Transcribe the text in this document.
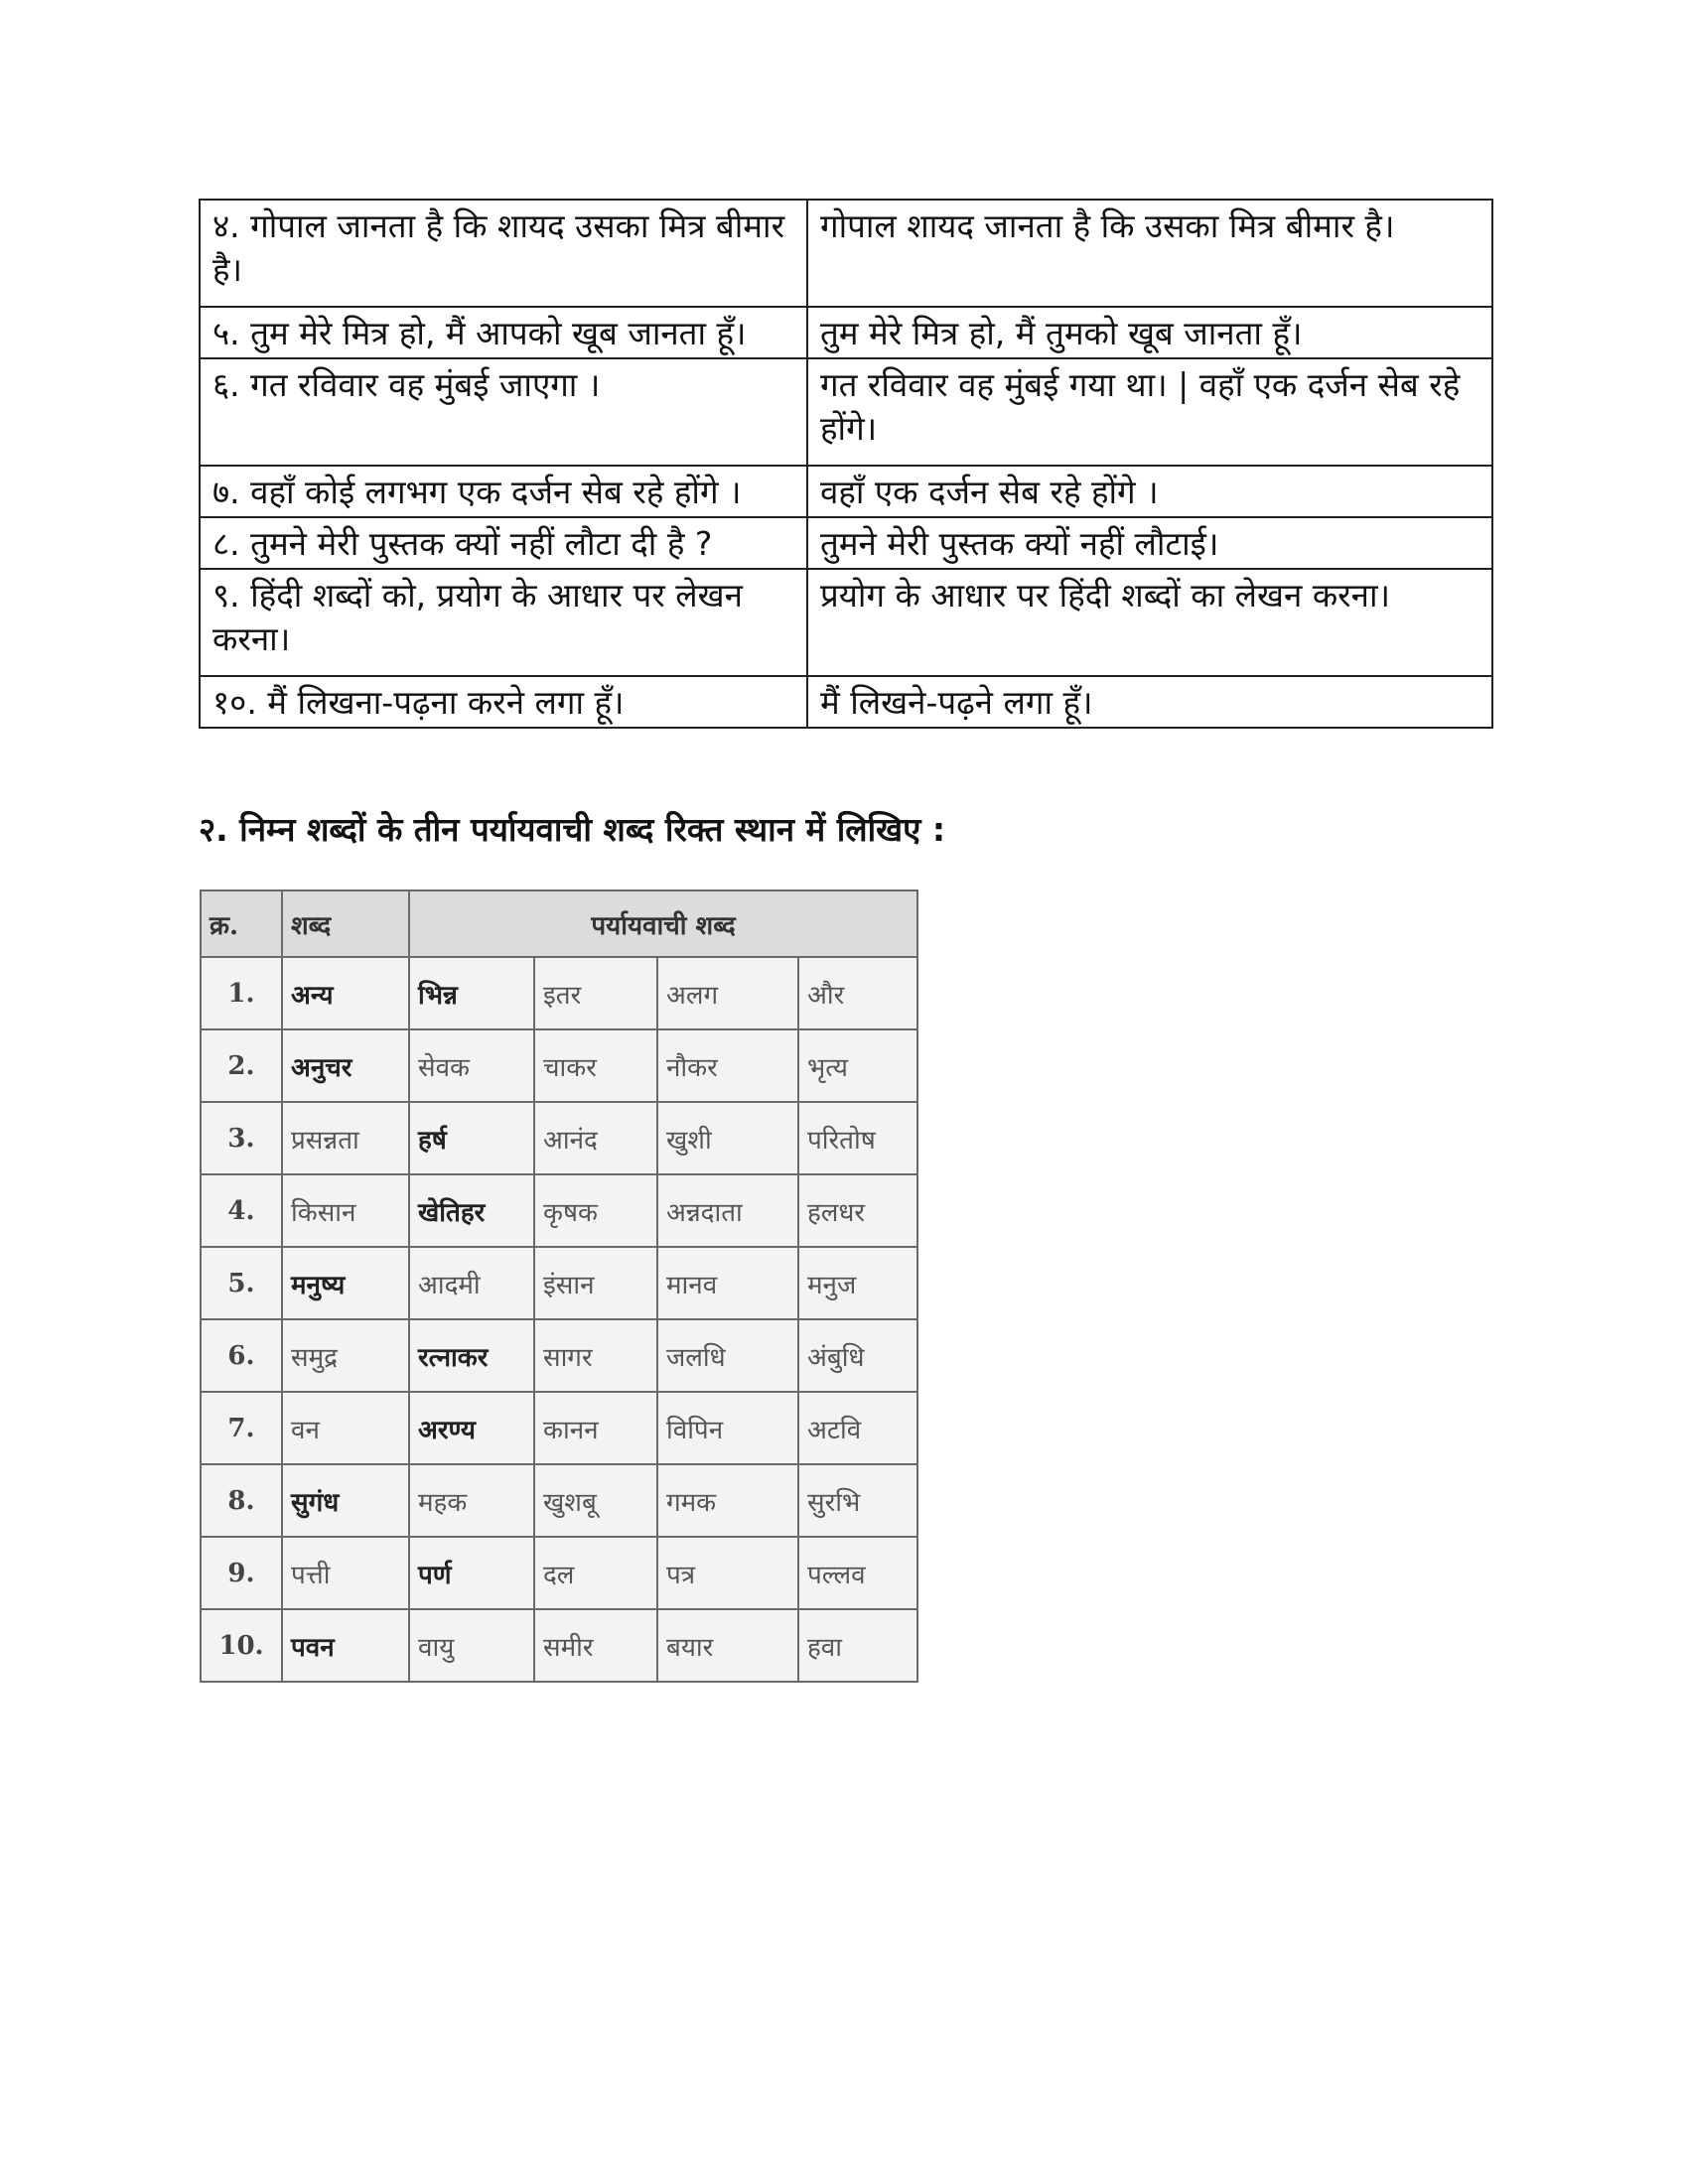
४. गोपाल जानता है कि शायद उसका मित्र बीमार है।	गोपाल शायद जानता है कि उसका मित्र बीमार है।
५. तुम मेरे मित्र हो, मैं आपको खूब जानता हूँ।	तुम मेरे मित्र हो, मैं तुमको खूब जानता हूँ।
६. गत रविवार वह मुंबई जाएगा ।	गत रविवार वह मुंबई गया था। | वहाँ एक दर्जन सेब रहे होंगे।
७. वहाँ कोई लगभग एक दर्जन सेब रहे होंगे ।	वहाँ एक दर्जन सेब रहे होंगे ।
८. तुमने मेरी पुस्तक क्यों नहीं लौटा दी है ?	तुमने मेरी पुस्तक क्यों नहीं लौटाई।
९. हिंदी शब्दों को, प्रयोग के आधार पर लेखन करना।	प्रयोग के आधार पर हिंदी शब्दों का लेखन करना।
१०. मैं लिखना-पढ़ना करने लगा हूँ।	मैं लिखने-पढ़ने लगा हूँ।
२. निम्न शब्दों के तीन पर्यायवाची शब्द रिक्त स्थान में लिखिए :
क्र.	शब्द	पर्यायवाची शब्द			
1.	अन्य	भिन्न	इतर	अलग	और
2.	अनुचर	सेवक	चाकर	नौकर	भृत्य
3.	प्रसन्नता	हर्ष	आनंद	खुशी	परितोष
4.	किसान	खेतिहर	कृषक	अन्नदाता	हलधर
5.	मनुष्य	आदमी	इंसान	मानव	मनुज
6.	समुद्र	रत्नाकर	सागर	जलधि	अंबुधि
7.	वन	अरण्य	कानन	विपिन	अटवि
8.	सुगंध	महक	खुशबू	गमक	सुरभि
9.	पत्ती	पर्ण	दल	पत्र	पल्लव
10.	पवन	वायु	समीर	बयार	हवा
